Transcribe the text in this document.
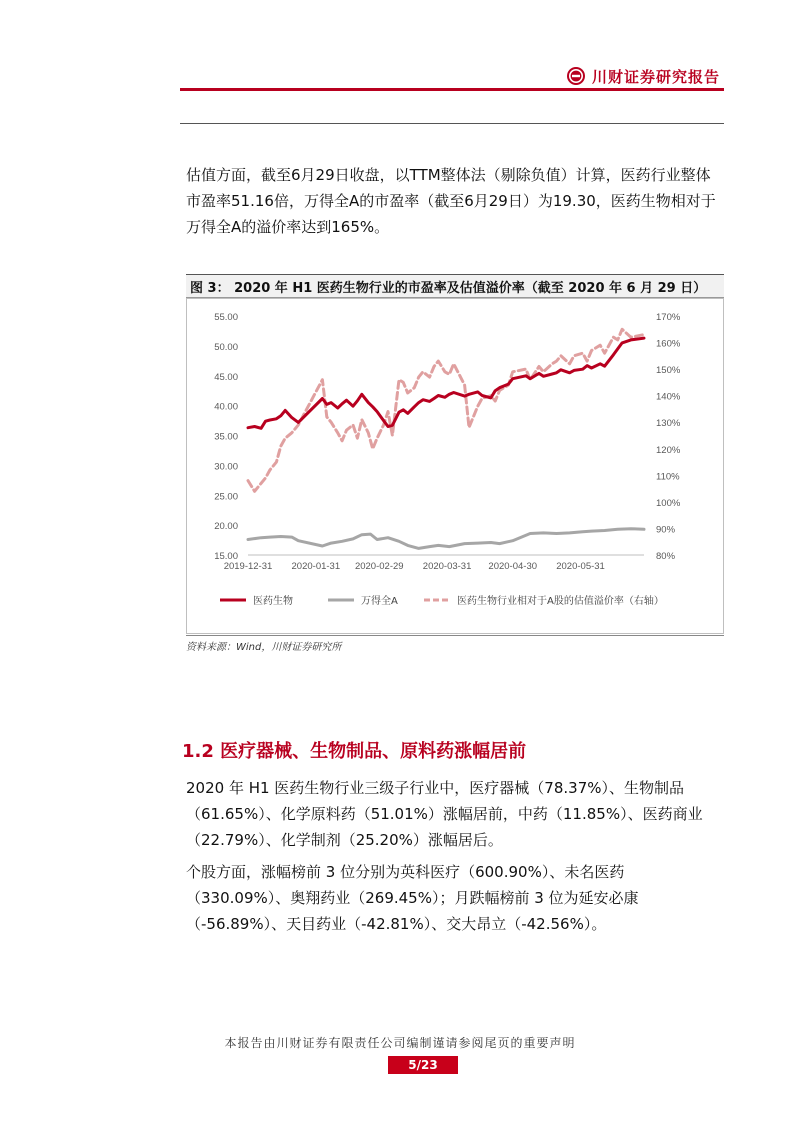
川财证券研究报告
估值方面，截至6月29日收盘，以TTM整体法（剔除负值）计算，医药行业整体市盈率51.16倍，万得全A的市盈率（截至6月29日）为19.30，医药生物相对于万得全A的溢价率达到165%。
图 3： 2020 年 H1 医药生物行业的市盈率及估值溢价率（截至 2020 年 6 月 29 日）
55.00
50.00
45.00
40.00
35.00
30.00
25.00
20.00
15.00
170%
160%
150%
140%
130%
120%
110%
100%
90%
80%
2019-12-31 2020-01-31 2020-02-29 2020-03-31 2020-04-30 2020-05-31
医药生物	万得全A	医药生物行业相对于A股的估值溢价率（右轴）
资料来源：Wind，川财证券研究所
1.2 医疗器械、生物制品、原料药涨幅居前
2020 年 H1 医药生物行业三级子行业中，医疗器械（78.37%）、生物制品（61.65%）、化学原料药（51.01%）涨幅居前，中药（11.85%）、医药商业（22.79%）、化学制剂（25.20%）涨幅居后。
个股方面，涨幅榜前 3 位分别为英科医疗（600.90%）、未名医药（330.09%）、奥翔药业（269.45%）；月跌幅榜前 3 位为延安必康（-56.89%）、天目药业（-42.81%）、交大昂立（-42.56%）。
本报告由川财证券有限责任公司编制谨请参阅尾页的重要声明
5/23
